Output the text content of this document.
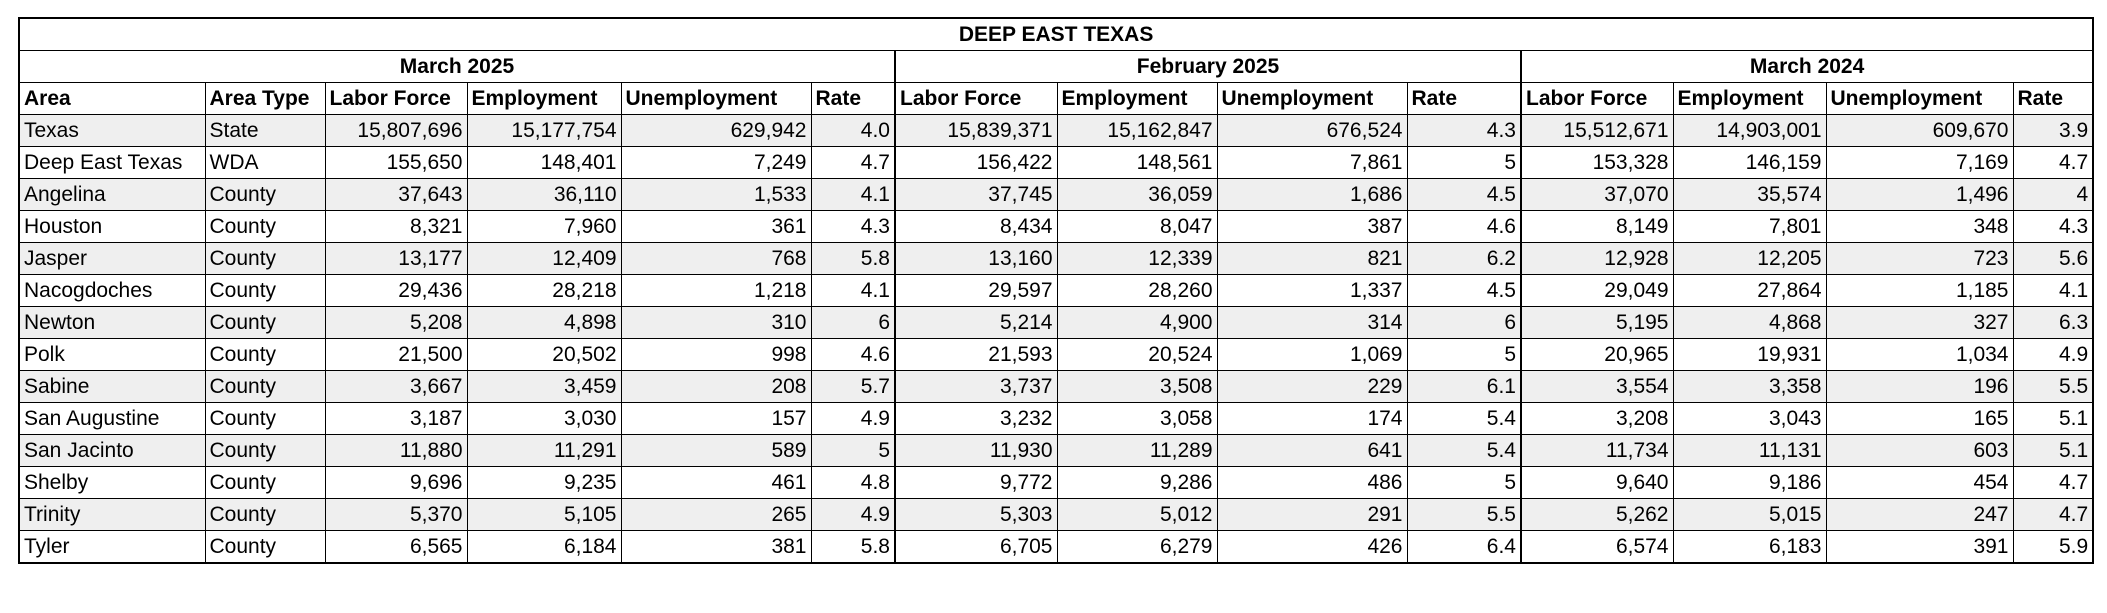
DEEP EAST TEXAS													
March 2025						February 2025				March 2024			
Area	Area Type	Labor Force	Employment	Unemployment	Rate	Labor Force	Employment	Unemployment	Rate	Labor Force	Employment	Unemployment	Rate
Texas	State	15,807,696	15,177,754	629,942	4.0	15,839,371	15,162,847	676,524	4.3	15,512,671	14,903,001	609,670	3.9
Deep East Texas	WDA	155,650	148,401	7,249	4.7	156,422	148,561	7,861	5	153,328	146,159	7,169	4.7
Angelina	County	37,643	36,110	1,533	4.1	37,745	36,059	1,686	4.5	37,070	35,574	1,496	4
Houston	County	8,321	7,960	361	4.3	8,434	8,047	387	4.6	8,149	7,801	348	4.3
Jasper	County	13,177	12,409	768	5.8	13,160	12,339	821	6.2	12,928	12,205	723	5.6
Nacogdoches	County	29,436	28,218	1,218	4.1	29,597	28,260	1,337	4.5	29,049	27,864	1,185	4.1
Newton	County	5,208	4,898	310	6	5,214	4,900	314	6	5,195	4,868	327	6.3
Polk	County	21,500	20,502	998	4.6	21,593	20,524	1,069	5	20,965	19,931	1,034	4.9
Sabine	County	3,667	3,459	208	5.7	3,737	3,508	229	6.1	3,554	3,358	196	5.5
San Augustine	County	3,187	3,030	157	4.9	3,232	3,058	174	5.4	3,208	3,043	165	5.1
San Jacinto	County	11,880	11,291	589	5	11,930	11,289	641	5.4	11,734	11,131	603	5.1
Shelby	County	9,696	9,235	461	4.8	9,772	9,286	486	5	9,640	9,186	454	4.7
Trinity	County	5,370	5,105	265	4.9	5,303	5,012	291	5.5	5,262	5,015	247	4.7
Tyler	County	6,565	6,184	381	5.8	6,705	6,279	426	6.4	6,574	6,183	391	5.9
